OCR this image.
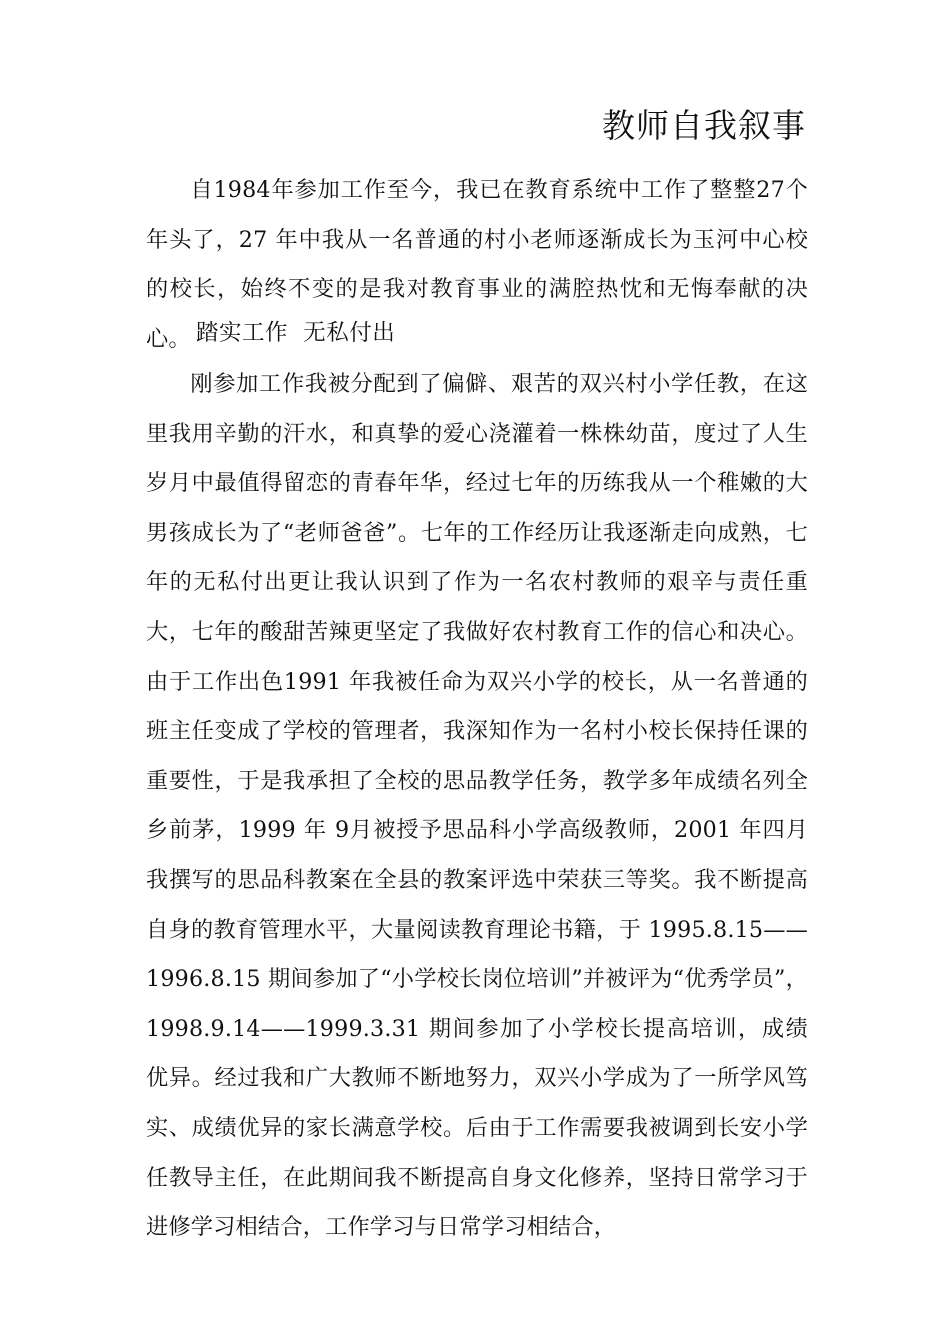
教师自我叙事

自1984年参加工作至今，我已在教育系统中工作了整整27个年头了，27 年中我从一名普通的村小老师逐渐成长为玉河中心校的校长，始终不变的是我对教育事业的满腔热忱和无悔奉献的决心。 踏实工作  无私付出

刚参加工作我被分配到了偏僻、艰苦的双兴村小学任教，在这里我用辛勤的汗水，和真挚的爱心浇灌着一株株幼苗，度过了人生岁月中最值得留恋的青春年华，经过七年的历练我从一个稚嫩的大男孩成长为了“老师爸爸”。七年的工作经历让我逐渐走向成熟，七年的无私付出更让我认识到了作为一名农村教师的艰辛与责任重大，七年的酸甜苦辣更坚定了我做好农村教育工作的信心和决心。由于工作出色1991 年我被任命为双兴小学的校长，从一名普通的班主任变成了学校的管理者，我深知作为一名村小校长保持任课的重要性，于是我承担了全校的思品教学任务，教学多年成绩名列全乡前茅，1999 年 9月被授予思品科小学高级教师，2001 年四月我撰写的思品科教案在全县的教案评选中荣获三等奖。我不断提高自身的教育管理水平，大量阅读教育理论书籍，于 1995.8.15——1996.8.15 期间参加了“小学校长岗位培训”并被评为“优秀学员”，1998.9.14——1999.3.31 期间参加了小学校长提高培训，成绩优异。经过我和广大教师不断地努力，双兴小学成为了一所学风笃实、成绩优异的家长满意学校。后由于工作需要我被调到长安小学任教导主任，在此期间我不断提高自身文化修养，坚持日常学习于进修学习相结合，工作学习与日常学习相结合，
